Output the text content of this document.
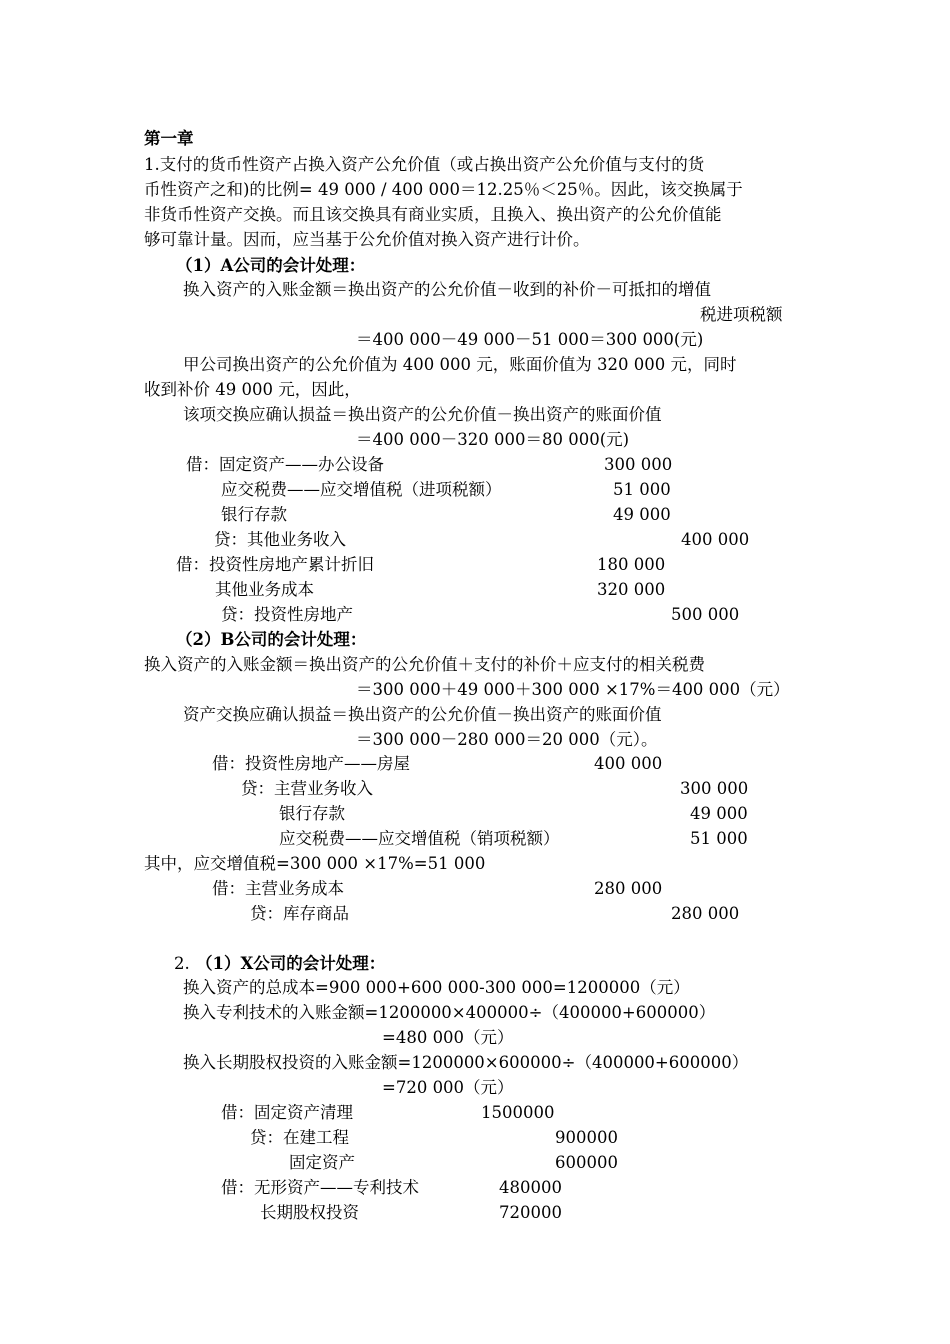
第一章
1.支付的货币性资产占换入资产公允价值（或占换出资产公允价值与支付的货
币性资产之和)的比例= 49 000 / 400 000＝12.25％＜25％。因此，该交换属于
非货币性资产交换。而且该交换具有商业实质，且换入、换出资产的公允价值能
够可靠计量。因而，应当基于公允价值对换入资产进行计价。
（1）A公司的会计处理：
换入资产的入账金额＝换出资产的公允价值－收到的补价－可抵扣的增值
税进项税额
＝400 000－49 000－51 000＝300 000(元)
甲公司换出资产的公允价值为 400 000 元，账面价值为 320 000 元，同时
收到补价 49 000 元，因此，
该项交换应确认损益＝换出资产的公允价值－换出资产的账面价值
＝400 000－320 000＝80 000(元)
借：固定资产——办公设备	300 000
应交税费——应交增值税（进项税额）	51 000
银行存款	49 000
贷：其他业务收入	400 000
借：投资性房地产累计折旧	180 000
其他业务成本	320 000
贷：投资性房地产	500 000
（2）B公司的会计处理：
换入资产的入账金额＝换出资产的公允价值＋支付的补价＋应支付的相关税费
＝300 000＋49 000＋300 000 ×17%＝400 000（元）
资产交换应确认损益＝换出资产的公允价值－换出资产的账面价值
＝300 000－280 000＝20 000（元）。
借：投资性房地产——房屋	400 000
贷：主营业务收入	300 000
银行存款	49 000
应交税费——应交增值税（销项税额）	51 000
其中，应交增值税=300 000 ×17%=51 000
借：主营业务成本	280 000
贷：库存商品	280 000
2. （1）X公司的会计处理：
换入资产的总成本=900 000+600 000-300 000=1200000（元）
换入专利技术的入账金额=1200000×400000÷（400000+600000）
=480 000（元）
换入长期股权投资的入账金额=1200000×600000÷（400000+600000）
=720 000（元）
借：固定资产清理	1500000
贷：在建工程	900000
固定资产	600000
借：无形资产——专利技术	480000
长期股权投资	720000
